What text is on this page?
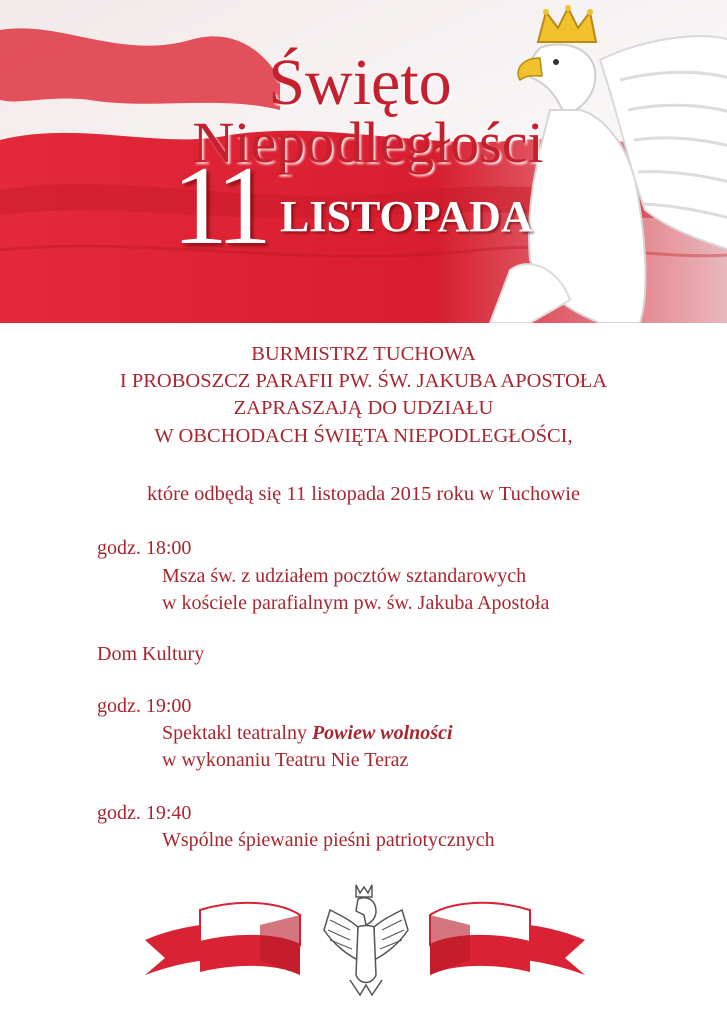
Święto
Niepodległości
11 LISTOPADA
BURMISTRZ TUCHOWA
I PROBOSZCZ PARAFII PW. ŚW. JAKUBA APOSTOŁA
ZAPRASZAJĄ DO UDZIAŁU
W OBCHODACH ŚWIĘTA NIEPODLEGŁOŚCI,
które odbędą się 11 listopada 2015 roku w Tuchowie
godz. 18:00
Msza św. z udziałem pocztów sztandarowych
w kościele parafialnym pw. św. Jakuba Apostoła
Dom Kultury
godz. 19:00
Spektakl teatralny Powiew wolności
w wykonaniu Teatru Nie Teraz
godz. 19:40
Wspólne śpiewanie pieśni patriotycznych
